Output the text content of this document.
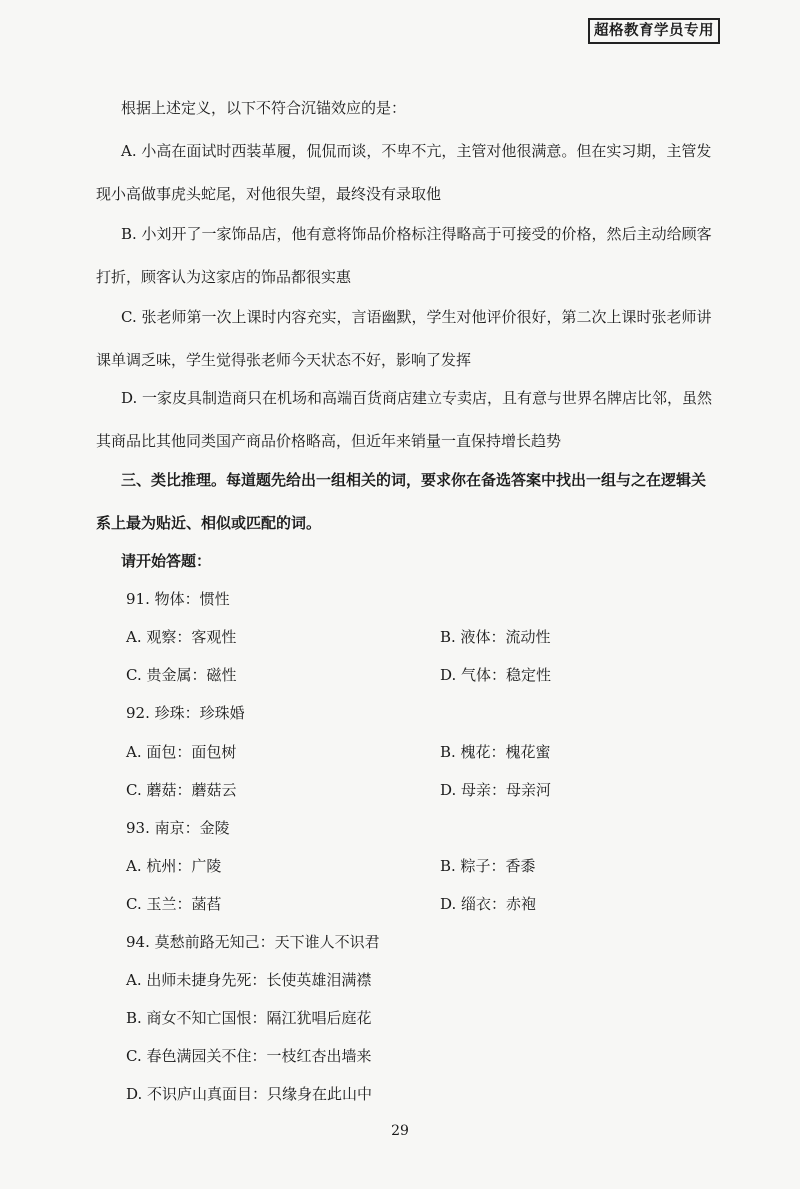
超格教育学员专用
根据上述定义，以下不符合沉锚效应的是：
A. 小高在面试时西装革履，侃侃而谈，不卑不亢，主管对他很满意。但在实习期，主管发
现小高做事虎头蛇尾，对他很失望，最终没有录取他
B. 小刘开了一家饰品店，他有意将饰品价格标注得略高于可接受的价格，然后主动给顾客
打折，顾客认为这家店的饰品都很实惠
C. 张老师第一次上课时内容充实，言语幽默，学生对他评价很好，第二次上课时张老师讲
课单调乏味，学生觉得张老师今天状态不好，影响了发挥
D. 一家皮具制造商只在机场和高端百货商店建立专卖店，且有意与世界名牌店比邻，虽然
其商品比其他同类国产商品价格略高，但近年来销量一直保持增长趋势
三、类比推理。每道题先给出一组相关的词，要求你在备选答案中找出一组与之在逻辑关
系上最为贴近、相似或匹配的词。
请开始答题：
91. 物体：惯性
A. 观察：客观性	B. 液体：流动性
C. 贵金属：磁性	D. 气体：稳定性
92. 珍珠：珍珠婚
A. 面包：面包树	B. 槐花：槐花蜜
C. 蘑菇：蘑菇云	D. 母亲：母亲河
93. 南京：金陵
A. 杭州：广陵	B. 粽子：香黍
C. 玉兰：菡萏	D. 缁衣：赤袍
94. 莫愁前路无知己：天下谁人不识君
A. 出师未捷身先死：长使英雄泪满襟
B. 商女不知亡国恨：隔江犹唱后庭花
C. 春色满园关不住：一枝红杏出墙来
D. 不识庐山真面目：只缘身在此山中
29
